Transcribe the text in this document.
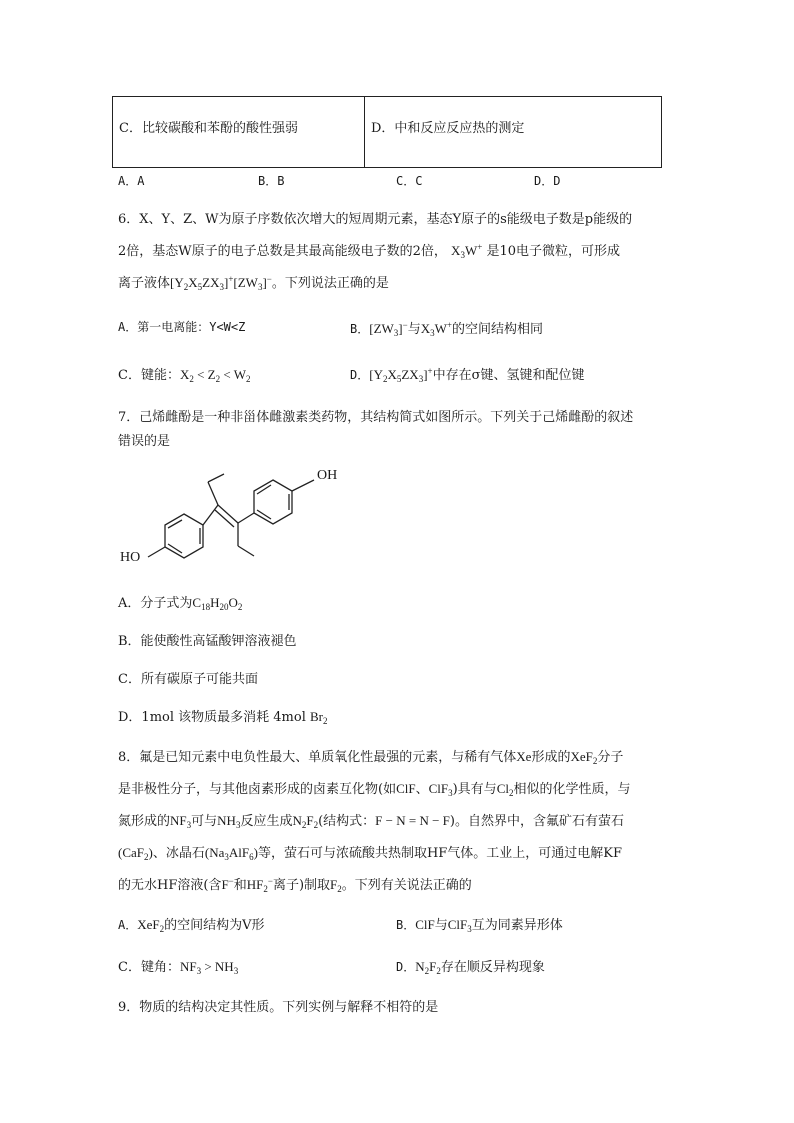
C．比较碳酸和苯酚的酸性强弱	D．中和反应反应热的测定
A．A	B．B	C．C	D．D
6．X、Y、Z、W为原子序数依次增大的短周期元素，基态Y原子的s能级电子数是p能级的
2倍，基态W原子的电子总数是其最高能级电子数的2倍， $X_3W^+$ 是10电子微粒，可形成
离子液体$[Y_2X_5ZX_3]^+[ZW_3]^-$。下列说法正确的是
A．第一电离能：Y<W<Z	B．$[ZW_3]^-$与$X_3W^+$的空间结构相同
C．键能：$X_2 < Z_2 < W_2$	D．$[Y_2X_5ZX_3]^+$中存在σ键、氢键和配位键
7．己烯雌酚是一种非甾体雌激素类药物，其结构简式如图所示。下列关于己烯雌酚的叙述
错误的是
OH
HO
A．分子式为$C_{18}H_{20}O_2$
B．能使酸性高锰酸钾溶液褪色
C．所有碳原子可能共面
D．1mol 该物质最多消耗 4mol $Br_2$
8．氟是已知元素中电负性最大、单质氧化性最强的元素，与稀有气体Xe形成的XeF$_2$分子
是非极性分子，与其他卤素形成的卤素互化物(如ClF、ClF$_3$)具有与$Cl_2$相似的化学性质，与
氮形成的$NF_3$可与$NH_3$反应生成$N_2F_2$(结构式：F − N = N − F)。自然界中，含氟矿石有萤石
(CaF$_2$)、冰晶石$(Na_3AlF_6)$等，萤石可与浓硫酸共热制取HF气体。工业上，可通过电解KF
的无水HF溶液(含F−和$HF_2^-$离子)制取$F_2$。下列有关说法正确的
A．XeF$_2$的空间结构为V形	B．ClF与ClF$_3$互为同素异形体
C．键角：$NF_3 > NH_3$	D．$N_2F_2$存在顺反异构现象
9．物质的结构决定其性质。下列实例与解释不相符的是
